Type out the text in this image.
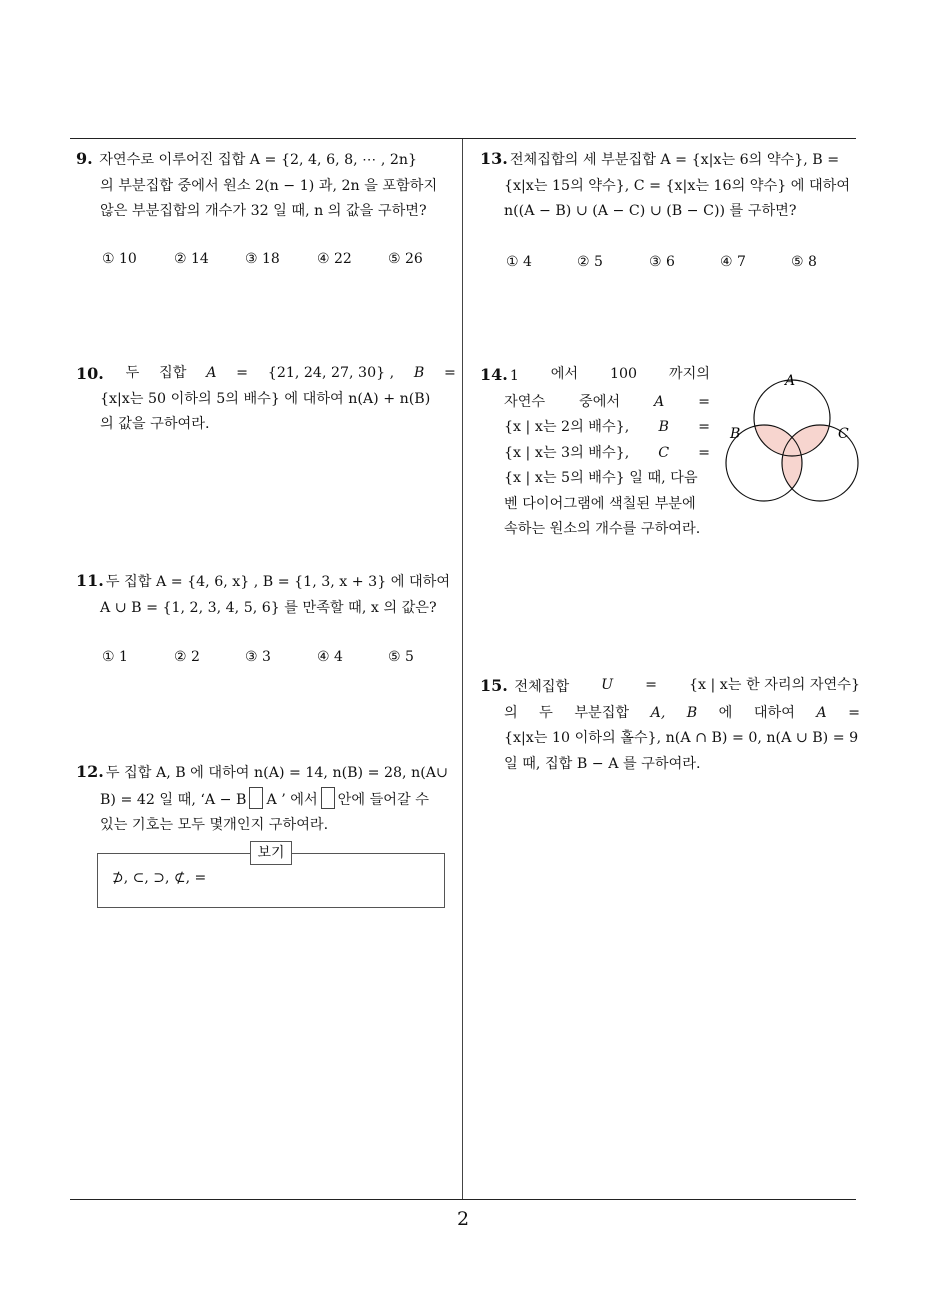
9. 자연수로 이루어진 집합 A = {2, 4, 6, 8, ⋯ , 2n}
의 부분집합 중에서 원소 2(n − 1) 과, 2n 을 포함하지
않은 부분집합의 개수가 32 일 때, n 의 값을 구하면?
① 10	② 14	③ 18	④ 22	⑤ 26
10. 두 집합 A = {21, 24, 27, 30} , B =
{x|x는 50 이하의 5의 배수} 에 대하여 n(A) + n(B)
의 값을 구하여라.
11. 두 집합 A = {4, 6, x} , B = {1, 3, x + 3} 에 대하여
A ∪ B = {1, 2, 3, 4, 5, 6} 를 만족할 때, x 의 값은?
① 1	② 2	③ 3	④ 4	⑤ 5
12. 두 집합 A, B 에 대하여 n(A) = 14, n(B) = 28, n(A∪
B) = 42 일 때, ‘A − B A ’ 에서 안에 들어갈 수
있는 기호는 모두 몇개인지 구하여라.
보기
⊅, ⊂, ⊃, ⊄, =
13. 전체집합의 세 부분집합 A = {x|x는 6의 약수}, B =
{x|x는 15의 약수}, C = {x|x는 16의 약수} 에 대하여
n((A − B) ∪ (A − C) ∪ (B − C)) 를 구하면?
① 4	② 5	③ 6	④ 7	⑤ 8
14. 1 에서 100 까지의
자연수 중에서 A =
{x | x는 2의 배수}, B =
{x | x는 3의 배수}, C =
{x | x는 5의 배수} 일 때, 다음
벤 다이어그램에 색칠된 부분에
속하는 원소의 개수를 구하여라.
A
B	C
15. 전체집합 U = {x | x는 한 자리의 자연수}
의 두 부분집합 A, B 에 대하여 A =
{x|x는 10 이하의 홀수}, n(A ∩ B) = 0, n(A ∪ B) = 9
일 때, 집합 B − A 를 구하여라.
2
